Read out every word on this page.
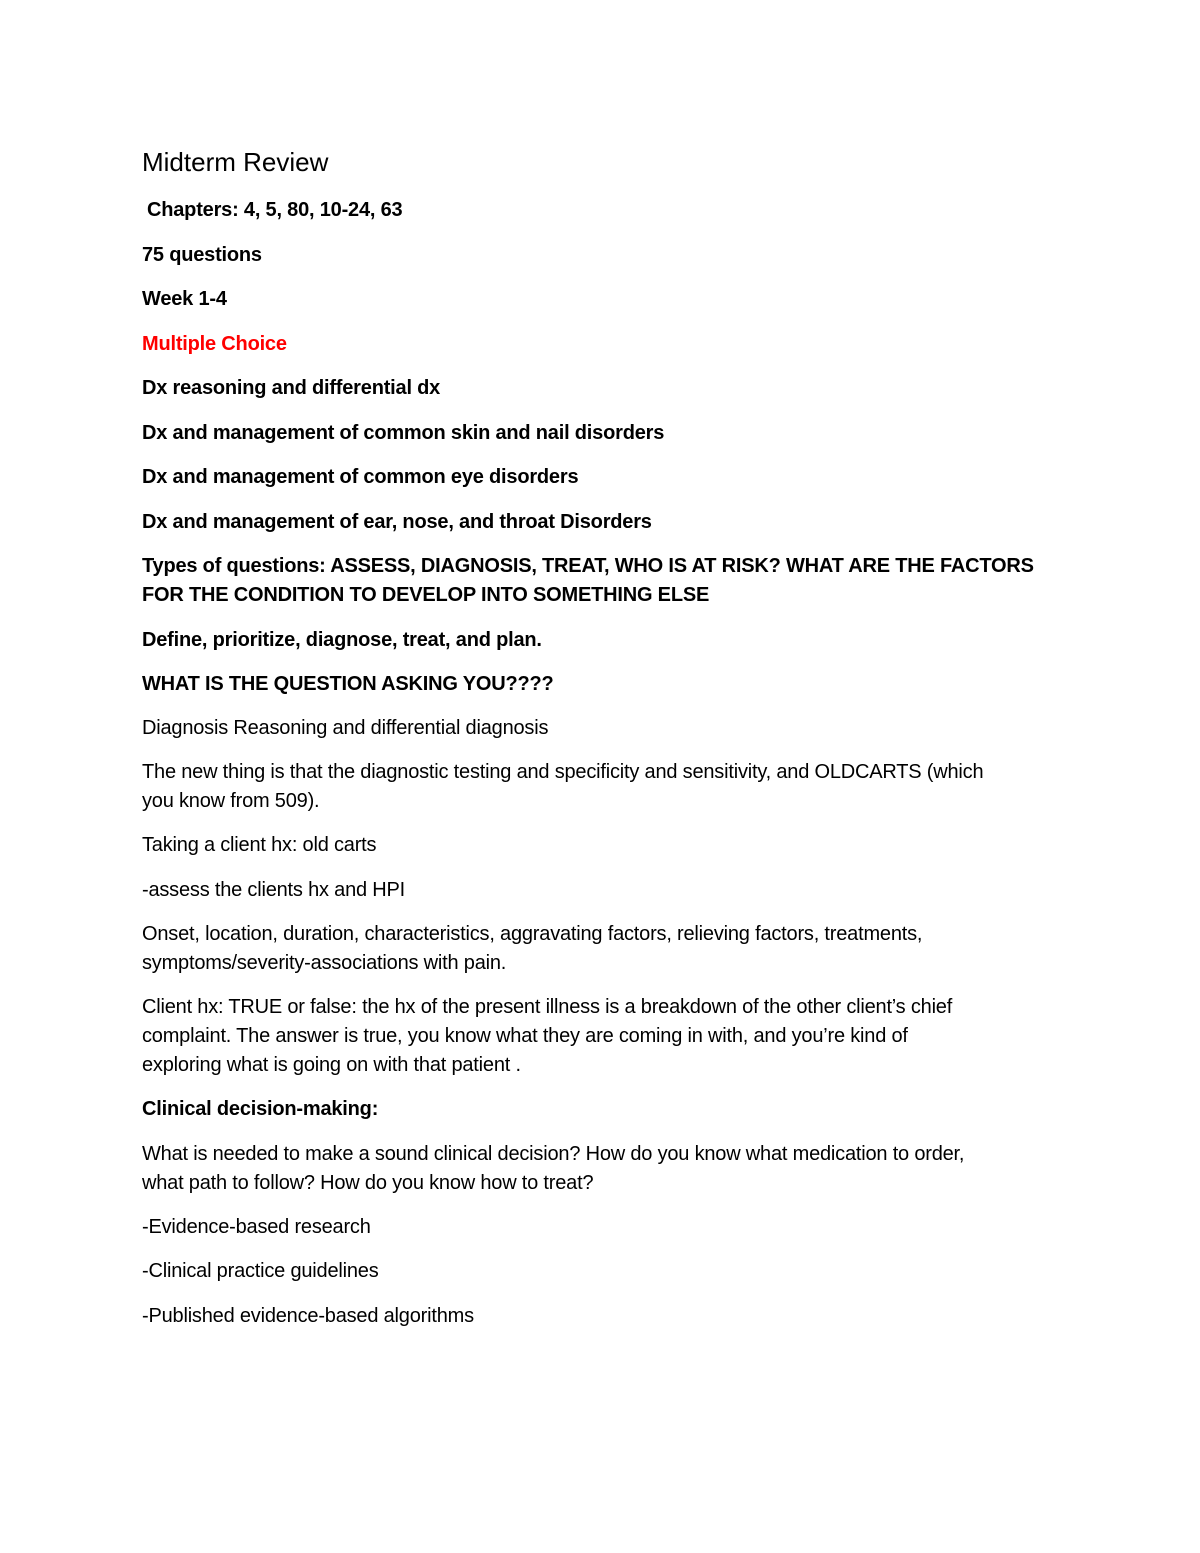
Midterm Review
Chapters: 4, 5, 80, 10-24, 63
75 questions
Week 1-4
Multiple Choice
Dx reasoning and differential dx
Dx and management of common skin and nail disorders
Dx and management of common eye disorders
Dx and management of ear, nose, and throat Disorders
Types of questions: ASSESS, DIAGNOSIS, TREAT, WHO IS AT RISK? WHAT ARE THE FACTORS
FOR THE CONDITION TO DEVELOP INTO SOMETHING ELSE
Define, prioritize, diagnose, treat, and plan.
WHAT IS THE QUESTION ASKING YOU????
Diagnosis Reasoning and differential diagnosis
The new thing is that the diagnostic testing and specificity and sensitivity, and OLDCARTS (which
you know from 509).
Taking a client hx: old carts
-assess the clients hx and HPI
Onset, location, duration, characteristics, aggravating factors, relieving factors, treatments,
symptoms/severity-associations with pain.
Client hx: TRUE or false: the hx of the present illness is a breakdown of the other client’s chief
complaint. The answer is true, you know what they are coming in with, and you’re kind of
exploring what is going on with that patient .
Clinical decision-making:
What is needed to make a sound clinical decision? How do you know what medication to order,
what path to follow? How do you know how to treat?
-Evidence-based research
-Clinical practice guidelines
-Published evidence-based algorithms
